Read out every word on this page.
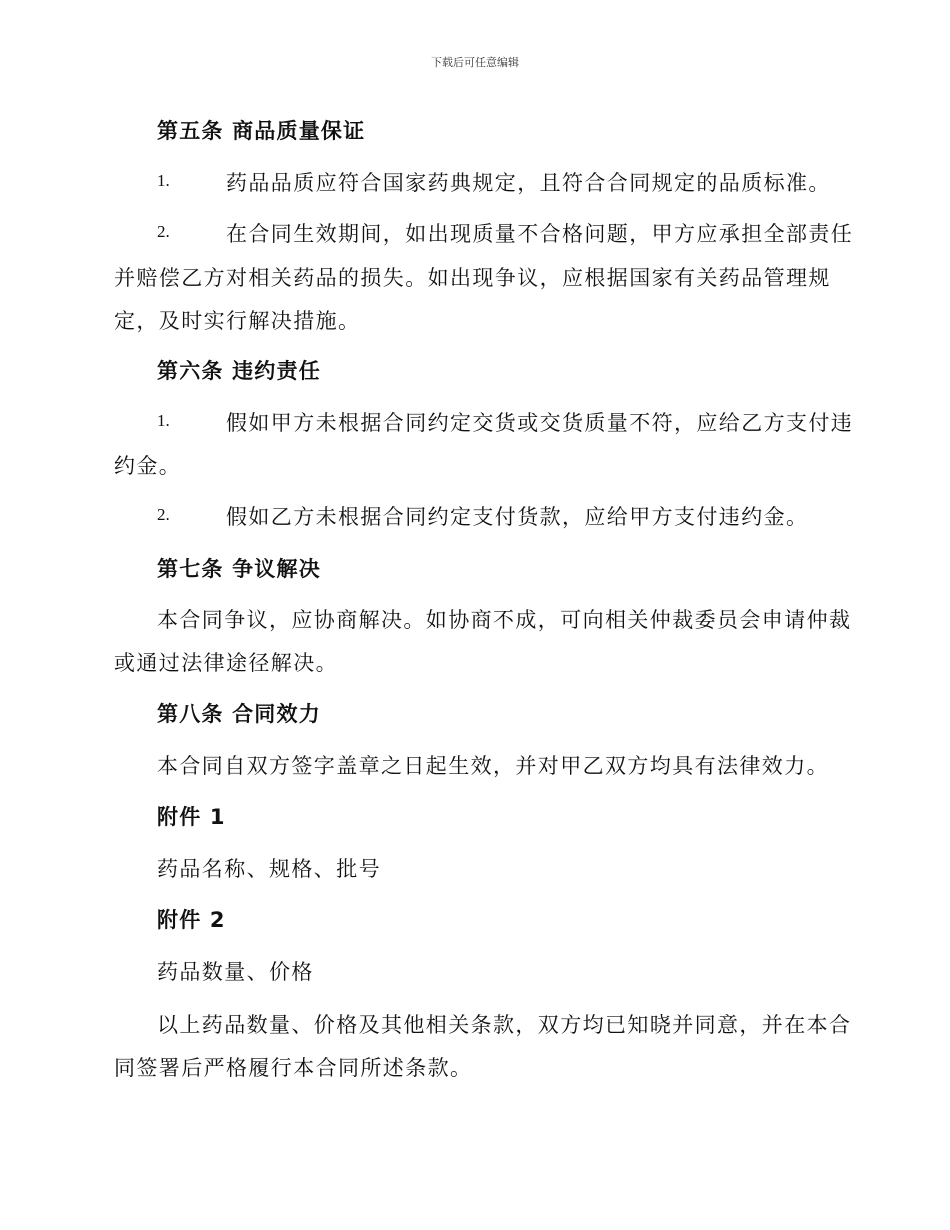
下载后可任意编辑
第五条 商品质量保证
1.	药品品质应符合国家药典规定，且符合合同规定的品质标准。
2.	在合同生效期间，如出现质量不合格问题，甲方应承担全部责任
并赔偿乙方对相关药品的损失。如出现争议，应根据国家有关药品管理规
定，及时实行解决措施。
第六条 违约责任
1.	假如甲方未根据合同约定交货或交货质量不符，应给乙方支付违
约金。
2.	假如乙方未根据合同约定支付货款，应给甲方支付违约金。
第七条 争议解决
本合同争议，应协商解决。如协商不成，可向相关仲裁委员会申请仲裁
或通过法律途径解决。
第八条 合同效力
本合同自双方签字盖章之日起生效，并对甲乙双方均具有法律效力。
附件 1
药品名称、规格、批号
附件 2
药品数量、价格
以上药品数量、价格及其他相关条款，双方均已知晓并同意，并在本合
同签署后严格履行本合同所述条款。
